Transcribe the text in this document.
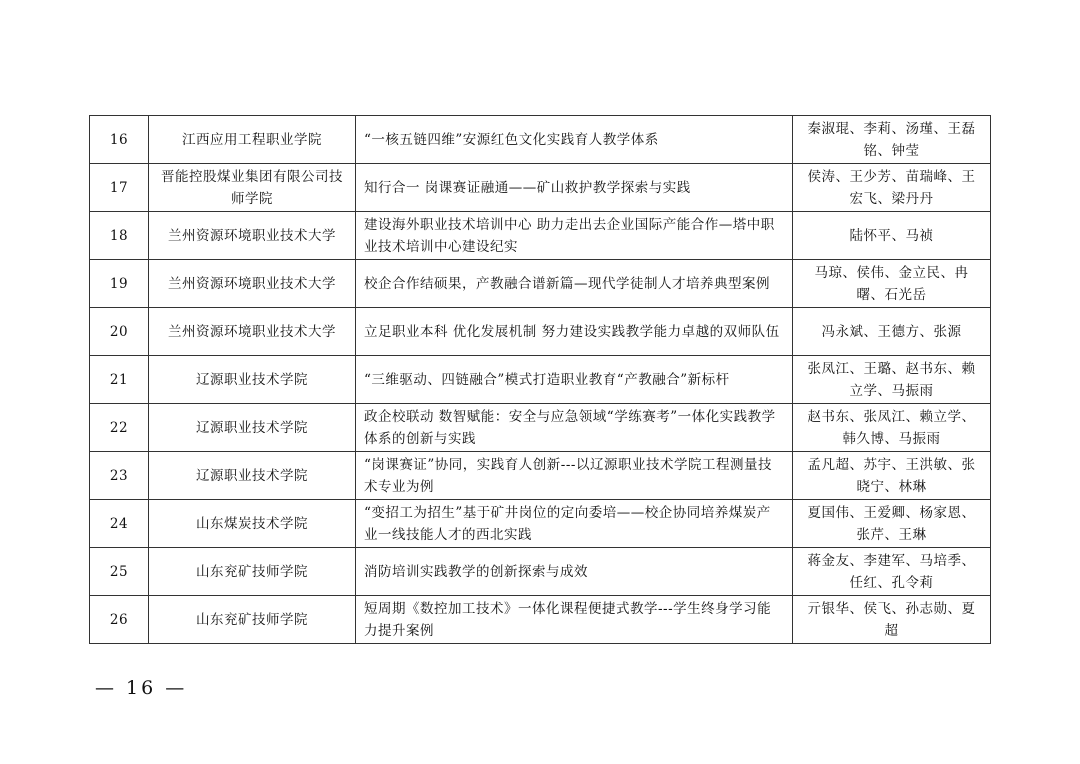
16	江西应用工程职业学院	“一核五链四维”安源红色文化实践育人教学体系	秦淑琨、李莉、汤瑾、王磊铭、钟莹
17	晋能控股煤业集团有限公司技师学院	知行合一 岗课赛证融通——矿山救护教学探索与实践	侯涛、王少芳、苗瑞峰、王宏飞、梁丹丹
18	兰州资源环境职业技术大学	建设海外职业技术培训中心 助力走出去企业国际产能合作—塔中职业技术培训中心建设纪实	陆怀平、马祯
19	兰州资源环境职业技术大学	校企合作结硕果，产教融合谱新篇—现代学徒制人才培养典型案例	马琼、侯伟、金立民、冉曙、石光岳
20	兰州资源环境职业技术大学	立足职业本科 优化发展机制 努力建设实践教学能力卓越的双师队伍	冯永斌、王德方、张源
21	辽源职业技术学院	“三维驱动、四链融合”模式打造职业教育“产教融合”新标杆	张凤江、王璐、赵书东、赖立学、马振雨
22	辽源职业技术学院	政企校联动 数智赋能：安全与应急领域“学练赛考”一体化实践教学体系的创新与实践	赵书东、张凤江、赖立学、韩久博、马振雨
23	辽源职业技术学院	“岗课赛证”协同，实践育人创新---以辽源职业技术学院工程测量技术专业为例	孟凡超、苏宇、王洪敏、张晓宁、林琳
24	山东煤炭技术学院	“变招工为招生”基于矿井岗位的定向委培——校企协同培养煤炭产业一线技能人才的西北实践	夏国伟、王爱卿、杨家恩、张芹、王琳
25	山东兖矿技师学院	消防培训实践教学的创新探索与成效	蒋金友、李建军、马培季、任红、孔令莉
26	山东兖矿技师学院	短周期《数控加工技术》一体化课程便捷式教学---学生终身学习能力提升案例	亓银华、侯飞、孙志勋、夏超
— 16 —
